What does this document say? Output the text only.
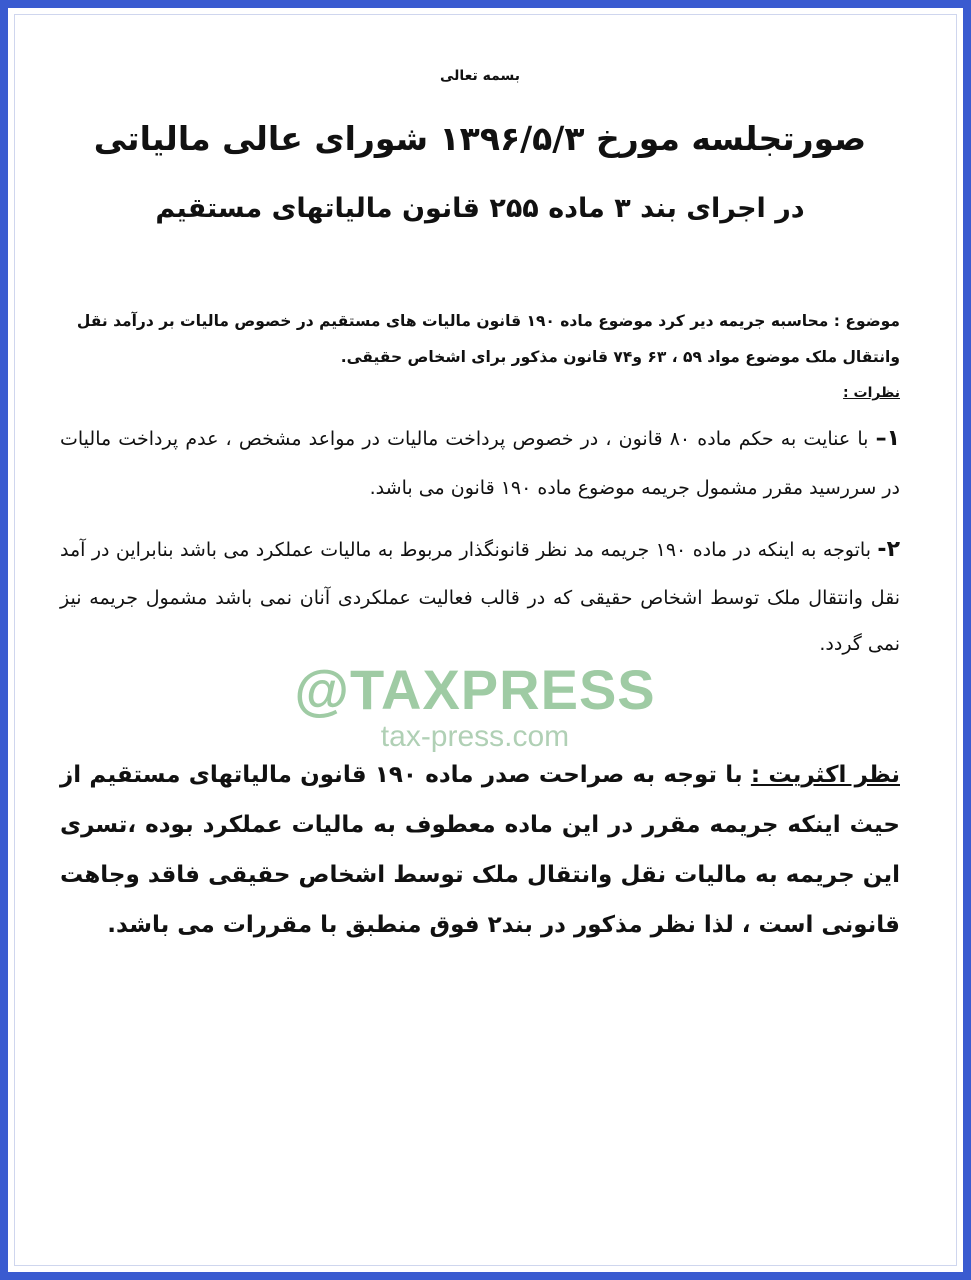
بسمه تعالی
صورتجلسه مورخ ۱۳۹۶/۵/۳ شورای عالی مالیاتی
در اجرای بند ۳ ماده ۲۵۵ قانون مالیاتهای مستقیم
موضوع : محاسبه جریمه دیر کرد موضوع ماده ۱۹۰ قانون مالیات های مستقیم در خصوص مالیات بر درآمد نقل وانتقال ملک موضوع مواد ۵۹ ، ۶۳ و۷۴ قانون مذکور برای اشخاص حقیقی.
نظرات :
۱– با عنایت به حکم ماده ۸۰ قانون ، در خصوص پرداخت مالیات در مواعد مشخص ، عدم پرداخت مالیات در سررسید مقرر مشمول جریمه موضوع ماده ۱۹۰ قانون می باشد.
۲- باتوجه به اینکه در ماده ۱۹۰ جریمه مد نظر قانونگذار مربوط به مالیات عملکرد می باشد بنابراین در آمد نقل وانتقال ملک توسط اشخاص حقیقی که در قالب فعالیت عملکردی آنان نمی باشد مشمول جریمه نیز نمی گردد.
نظر اکثریت : با توجه به صراحت صدر ماده ۱۹۰ قانون مالیاتهای مستقیم از حیث اینکه جریمه مقرر در این ماده معطوف به مالیات عملکرد بوده ،تسری این جریمه به مالیات نقل وانتقال ملک توسط اشخاص حقیقی فاقد وجاهت قانونی است ، لذا نظر مذکور در بند۲ فوق منطبق با مقررات می باشد.
@TAXPRESS
tax-press.com
